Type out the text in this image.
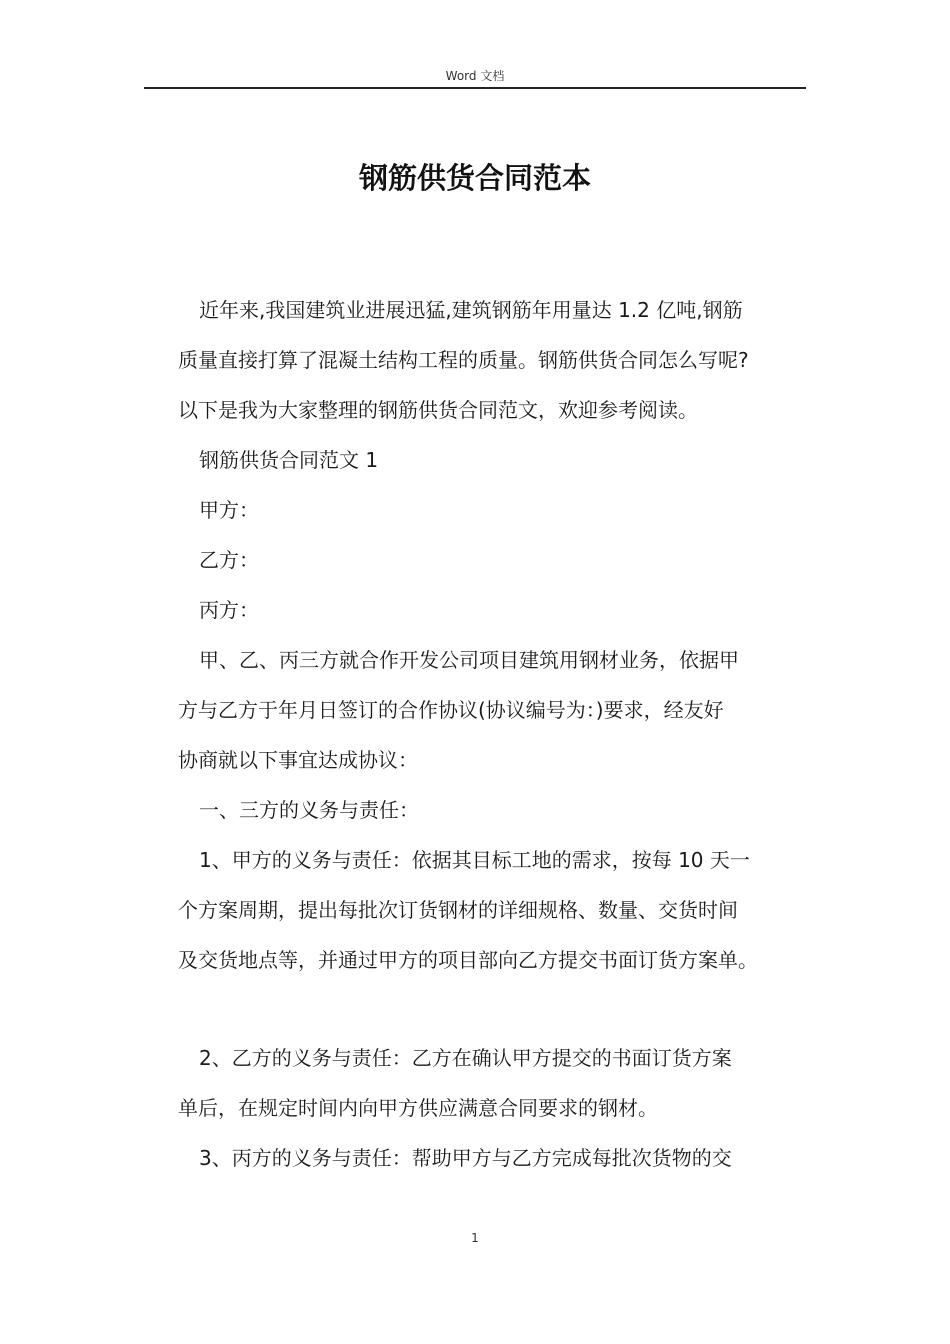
Word 文档
钢筋供货合同范本
近年来,我国建筑业进展迅猛,建筑钢筋年用量达 1.2 亿吨,钢筋
质量直接打算了混凝土结构工程的质量。钢筋供货合同怎么写呢?
以下是我为大家整理的钢筋供货合同范文，欢迎参考阅读。
钢筋供货合同范文 1
甲方：
乙方：
丙方：
甲、乙、丙三方就合作开发公司项目建筑用钢材业务，依据甲
方与乙方于年月日签订的合作协议(协议编号为：)要求，经友好
协商就以下事宜达成协议：
一、三方的义务与责任：
1、甲方的义务与责任：依据其目标工地的需求，按每 10 天一
个方案周期，提出每批次订货钢材的详细规格、数量、交货时间
及交货地点等，并通过甲方的项目部向乙方提交书面订货方案单。
2、乙方的义务与责任：乙方在确认甲方提交的书面订货方案
单后，在规定时间内向甲方供应满意合同要求的钢材。
3、丙方的义务与责任：帮助甲方与乙方完成每批次货物的交
1
